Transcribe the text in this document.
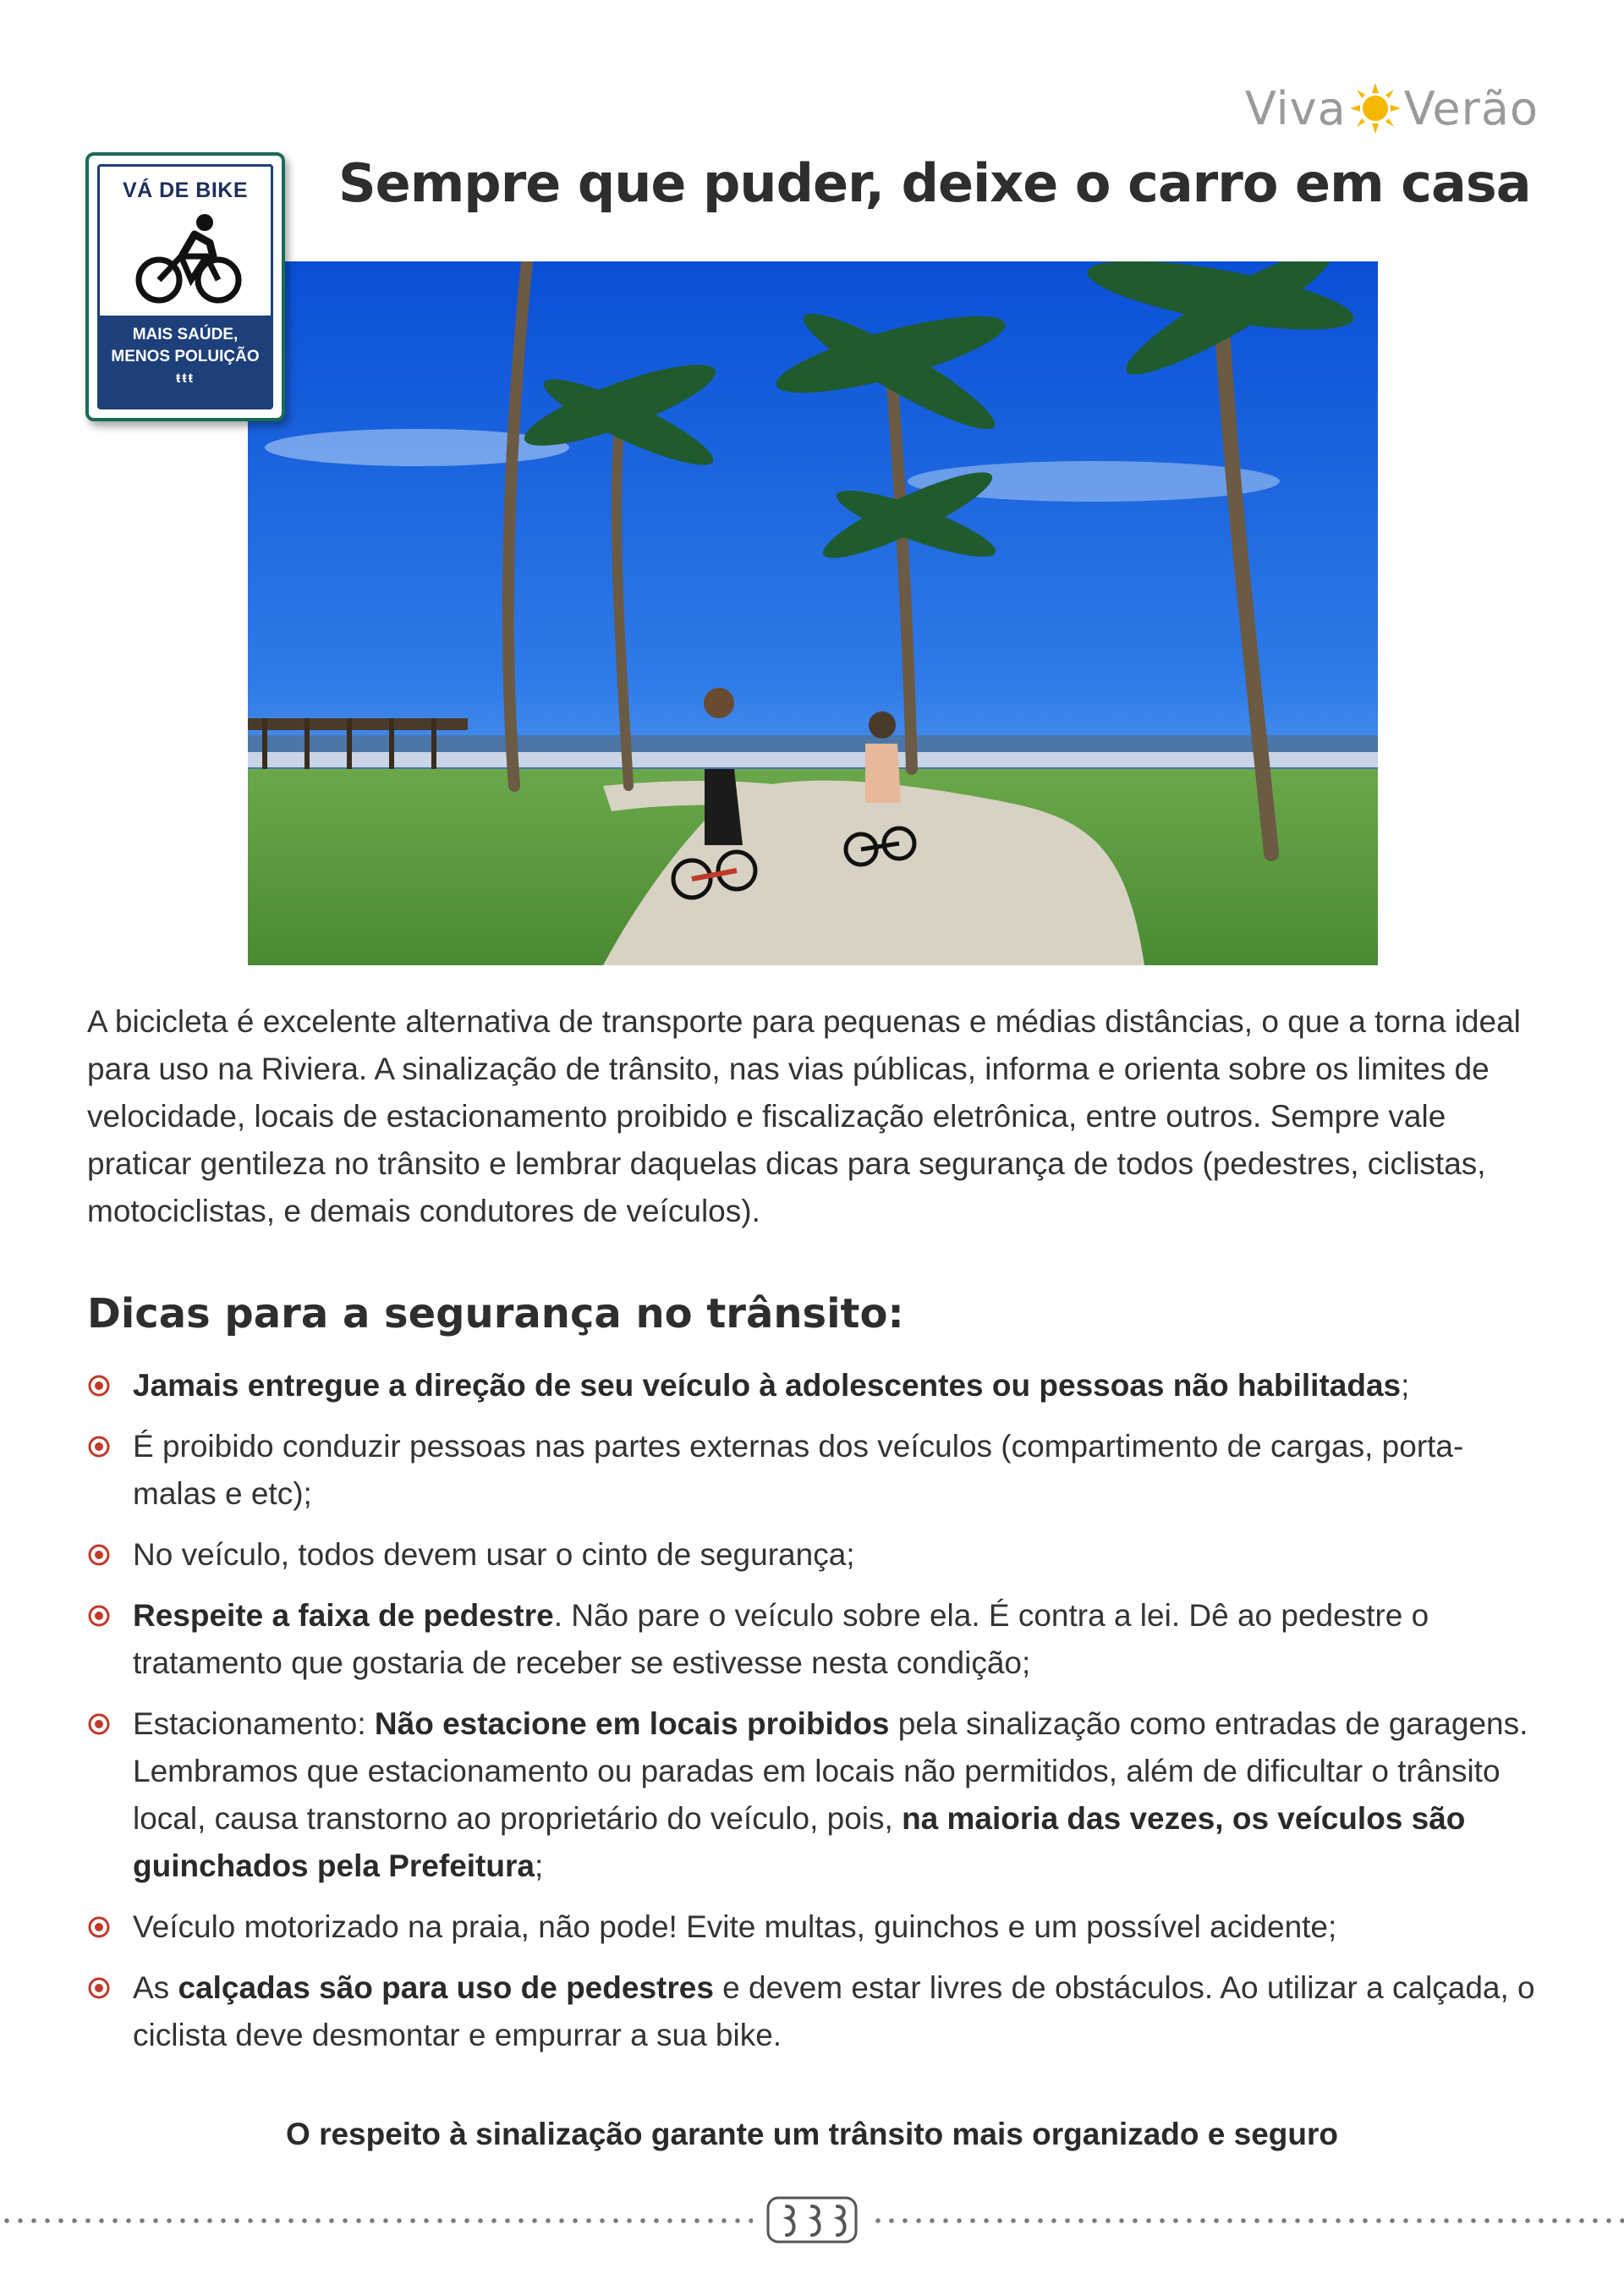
Viva Verão
VÁ DE BIKE
MAIS SAÚDE,
MENOS POLUIÇÃO
ŧŧŧ
Sempre que puder, deixe o carro em casa

A bicicleta é excelente alternativa de transporte para pequenas e médias distâncias, o que a torna ideal para uso na Riviera. A sinalização de trânsito, nas vias públicas, informa e orienta sobre os limites de velocidade, locais de estacionamento proibido e fiscalização eletrônica, entre outros. Sempre vale praticar gentileza no trânsito e lembrar daquelas dicas para segurança de todos (pedestres, ciclistas, motociclistas, e demais condutores de veículos).

Dicas para a segurança no trânsito:
Jamais entregue a direção de seu veículo à adolescentes ou pessoas não habilitadas;
É proibido conduzir pessoas nas partes externas dos veículos (compartimento de cargas, porta-malas e etc);
No veículo, todos devem usar o cinto de segurança;
Respeite a faixa de pedestre. Não pare o veículo sobre ela. É contra a lei. Dê ao pedestre o tratamento que gostaria de receber se estivesse nesta condição;
Estacionamento: Não estacione em locais proibidos pela sinalização como entradas de garagens. Lembramos que estacionamento ou paradas em locais não permitidos, além de dificultar o trânsito local, causa transtorno ao proprietário do veículo, pois, na maioria das vezes, os veículos são guinchados pela Prefeitura;
Veículo motorizado na praia, não pode! Evite multas, guinchos e um possível acidente;
As calçadas são para uso de pedestres e devem estar livres de obstáculos. Ao utilizar a calçada, o ciclista deve desmontar e empurrar a sua bike.

O respeito à sinalização garante um trânsito mais organizado e seguro
